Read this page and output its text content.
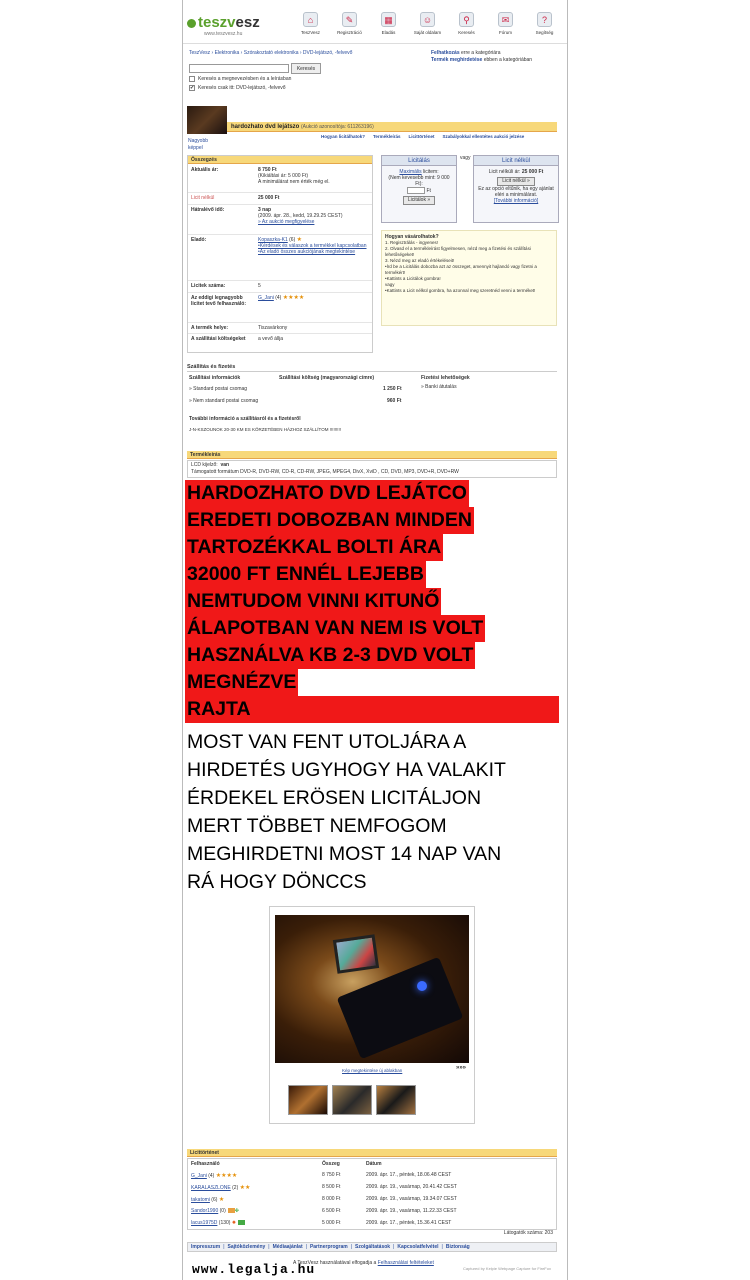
teszvesz
www.teszvesz.hu
⌂
TeszVesz
✎
Regisztráció
▦
Eladás
☺
Saját oldalam
⚲
Keresés
✉
Fórum
?
Segítség
TeszVesz › Elektronika › Szórakoztató elektronika › DVD-lejátszó, -felvevő	Felhatkozás erre a kategóriára
Termék meghirdetése ebben a kategóriában
Keresés
Keresés a megnevezésben és a leírásban
✔ Keresés csak itt: DVD-lejátszó, -felvevő
hardozhato dvd lejátszo (Aukció azonosítója: 611263196)
Nagyobb
képpel
Hogyan licitálhatok? Termékleírás Licittörténet Szabályokkal ellentétes aukció jelzése
Összegzés
Aktuális ár:	8 750 Ft
(Kikiáltási ár: 5 000 Ft)
A minimálárat nem érték még el.
Licit nélkül	25 000 Ft
Hátralévő idő:	3 nap
(2009. ápr. 28., kedd, 19.29.25 CEST)
» Az aukció megfigyelése
Eladó:	Kopaszka-K1 (6) ★
•Kérdések és válaszok a termékkel kapcsolatban
•Az eladó összes aukciójának megtekintése
Licitek száma:	5
Az eddigi legnagyobb licitet tevő felhasználó:
G_Jani (4) ★★★★
A termék helye:	Tiszavárkony
A szállítási költségeket	a vevő állja
Licitálás
Maximális licitem:
(Nem kevesebb mint: 9 000 Ft):
Ft
Licitálok »
vagy	Licit nélkül
Licit nélküli ár: 25 000 Ft
Licit nélkül »
Ez az opció eltűnik, ha egy ajánlat eléri a minimálárat.
[További információ]
Hogyan vásárolhatok?
1. Regisztrálás - ingyenes!
2. Olvasd el a termékleírást figyelmesen, nézd meg a fizetési és szállítási lehetőségeket!
3. Nézd meg az eladó értékeléseit!
•Írd be a Licitálás dobozba azt az összeget, amennyit hajlandó vagy fizetni a termékért!
•Kattints a Licitálok gombra!
vagy
•Kattints a Licit nélkül gombra, ha azonnal meg szeretnéd venni a terméket!
Szállítás és fizetés
Szállítási információk	Szállítási költség (magyarországi címre)	Fizetési lehetőségek
» Standard postai csomag	1 250 Ft	» Banki átutalás
» Nem standard postai csomag	960 Ft
További információ a szállításról és a fizetésről
J-N-KSZOUNOK 20-30 KM ES KÖRZETÉBEN HÁZHOZ SZÁLLÍTOM !!!!!!!!!
Termékleírás
LCD kijelző: van
Támogatott formátum DVD-R, DVD-RW, CD-R, CD-RW, JPEG, MPEG4, DivX, XviD , CD, DVD, MP3, DVD+R, DVD+RW
HARDOZHATO DVD LEJÁTCO
EREDETI DOBOZBAN MINDEN
TARTOZÉKKAL BOLTI ÁRA
32000 FT ENNÉL LEJEBB
NEMTUDOM VINNI KITUNŐ
ÁLAPOTBAN VAN NEM IS VOLT
HASZNÁLVA KB 2-3 DVD VOLT
MEGNÉZVE
RAJTA
MOST VAN FENT UTOLJÁRA A
HIRDETÉS UGYHOGY HA VALAKIT
ÉRDEKEL ERÖSEN LICITÁLJON
MERT TÖBBET NEMFOGOM
MEGHIRDETNI MOST 14 NAP VAN
RÁ HOGY DÖNCCS
Kép megtekintése új ablakban	»»»
Licittörténet
Felhasználó	Összeg	Dátum
G_Jani (4) ★★★★	8 750 Ft	2009. ápr. 17., péntek, 18.06.48 CEST
KARALASZLONE (2) ★★	8 500 Ft	2009. ápr. 19., vasárnap, 20.41.42 CEST
takatomi (6) ★	8 000 Ft	2009. ápr. 19., vasárnap, 19.34.07 CEST
Sandor1990 (0) ✤	6 500 Ft	2009. ápr. 19., vasárnap, 11.22.33 CEST
lacus1975D (130) ✹	5 000 Ft	2009. ápr. 17., péntek, 15.36.41 CEST
Látogatók száma: 203
Impresszum | Sajtóközlemény | Médiaajánlat | Partnerprogram | Szolgáltatások | Kapcsolatfelvétel | Biztonság
A TeszVesz használatával elfogadja a Felhasználási feltételeket
Captured by Kelpie Webpage Capture for FireFox
www.legalja.hu
